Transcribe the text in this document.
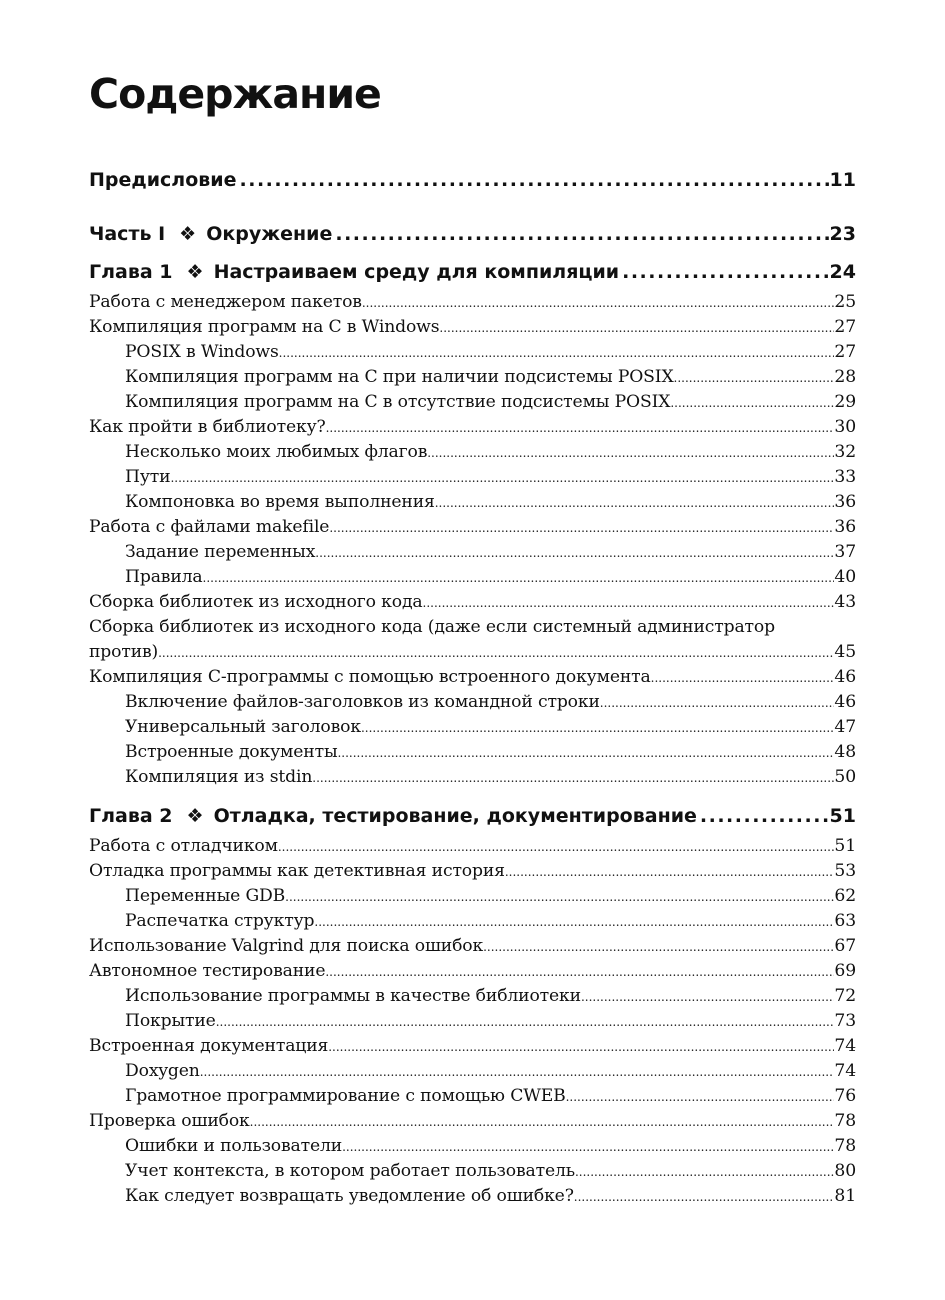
Содержание
Предисловие .....	11
Часть I ❖ Окружение .....	23
Глава 1 ❖ Настраиваем среду для компиляции .....	24
Работа с менеджером пакетов .....	25
Компиляция программ на С в Windows .....	27
POSIX в Windows .....	27
Компиляция программ на С при наличии подсистемы POSIX .....	28
Компиляция программ на С в отсутствие подсистемы POSIX .....	29
Как пройти в библиотеку? .....	30
Несколько моих любимых флагов .....	32
Пути .....	33
Компоновка во время выполнения .....	36
Работа с файлами makefile .....	36
Задание переменных .....	37
Правила .....	40
Сборка библиотек из исходного кода .....	43
Сборка библиотек из исходного кода (даже если системный администратор
против) .....	45
Компиляция С-программы с помощью встроенного документа .....	46
Включение файлов-заголовков из командной строки .....	46
Универсальный заголовок .....	47
Встроенные документы .....	48
Компиляция из stdin .....	50
Глава 2 ❖ Отладка, тестирование, документирование .....	51
Работа с отладчиком .....	51
Отладка программы как детективная история .....	53
Переменные GDB .....	62
Распечатка структур .....	63
Использование Valgrind для поиска ошибок .....	67
Автономное тестирование .....	69
Использование программы в качестве библиотеки .....	72
Покрытие .....	73
Встроенная документация .....	74
Doxygen .....	74
Грамотное программирование с помощью CWEB .....	76
Проверка ошибок .....	78
Ошибки и пользователи .....	78
Учет контекста, в котором работает пользователь .....	80
Как следует возвращать уведомление об ошибке? .....	81
